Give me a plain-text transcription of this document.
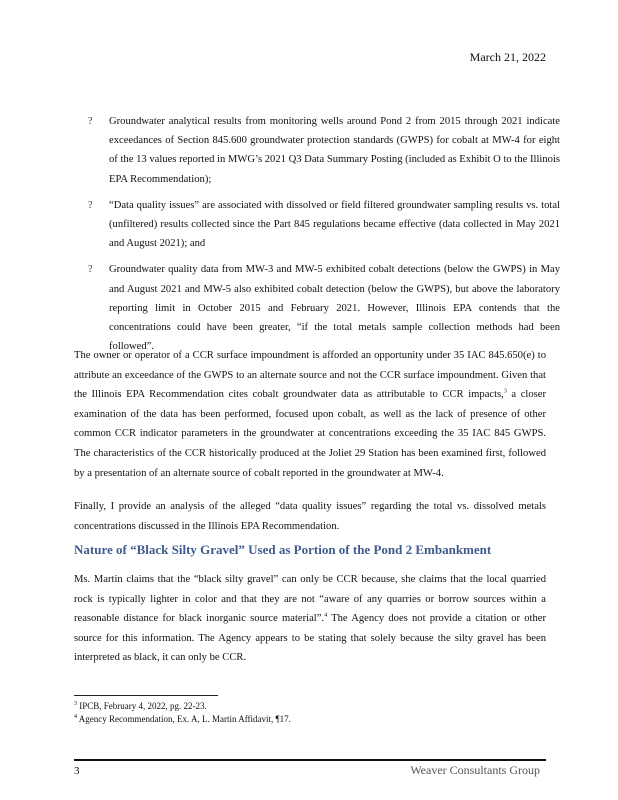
March 21, 2022
? Groundwater analytical results from monitoring wells around Pond 2 from 2015 through 2021 indicate exceedances of Section 845.600 groundwater protection standards (GWPS) for cobalt at MW-4 for eight of the 13 values reported in MWG’s 2021 Q3 Data Summary Posting (included as Exhibit O to the Illinois EPA Recommendation);
? “Data quality issues” are associated with dissolved or field filtered groundwater sampling results vs. total (unfiltered) results collected since the Part 845 regulations became effective (data collected in May 2021 and August 2021); and
? Groundwater quality data from MW-3 and MW-5 exhibited cobalt detections (below the GWPS) in May and August 2021 and MW-5 also exhibited cobalt detection (below the GWPS), but above the laboratory reporting limit in October 2015 and February 2021. However, Illinois EPA contends that the concentrations could have been greater, “if the total metals sample collection methods had been followed”.
The owner or operator of a CCR surface impoundment is afforded an opportunity under 35 IAC 845.650(e) to attribute an exceedance of the GWPS to an alternate source and not the CCR surface impoundment. Given that the Illinois EPA Recommendation cites cobalt groundwater data as attributable to CCR impacts,$^3$ a closer examination of the data has been performed, focused upon cobalt, as well as the lack of presence of other common CCR indicator parameters in the groundwater at concentrations exceeding the 35 IAC 845 GWPS. The characteristics of the CCR historically produced at the Joliet 29 Station has been examined first, followed by a presentation of an alternate source of cobalt reported in the groundwater at MW-4.
Finally, I provide an analysis of the alleged “data quality issues” regarding the total vs. dissolved metals concentrations discussed in the Illinois EPA Recommendation.
Nature of “Black Silty Gravel” Used as Portion of the Pond 2 Embankment
Ms. Martin claims that the “black silty gravel” can only be CCR because, she claims that the local quarried rock is typically lighter in color and that they are not “aware of any quarries or borrow sources within a reasonable distance for black inorganic source material”.$^4$ The Agency does not provide a citation or other source for this information. The Agency appears to be stating that solely because the silty gravel has been interpreted as black, it can only be CCR.
$^3$ IPCB, February 4, 2022, pg. 22-23.
$^4$ Agency Recommendation, Ex. A, L. Martin Affidavit, ¶17.
3	Weaver Consultants Group
